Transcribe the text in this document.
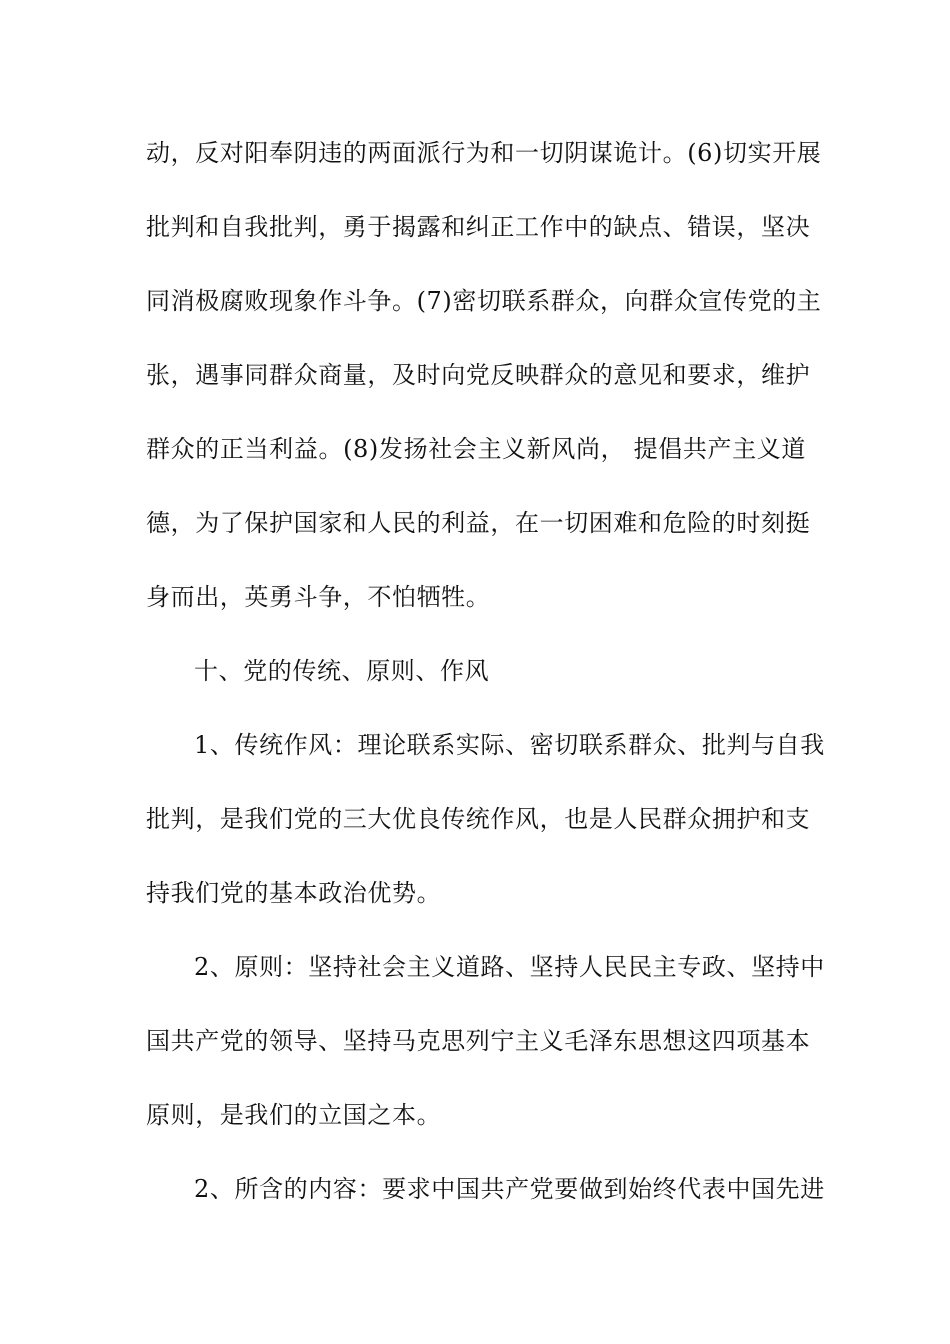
动，反对阳奉阴违的两面派行为和一切阴谋诡计。(6)切实开展
批判和自我批判，勇于揭露和纠正工作中的缺点、错误，坚决
同消极腐败现象作斗争。(7)密切联系群众，向群众宣传党的主
张，遇事同群众商量，及时向党反映群众的意见和要求，维护
群众的正当利益。(8)发扬社会主义新风尚， 提倡共产主义道
德，为了保护国家和人民的利益，在一切困难和危险的时刻挺
身而出，英勇斗争，不怕牺牲。
十、党的传统、原则、作风
1、传统作风：理论联系实际、密切联系群众、批判与自我
批判，是我们党的三大优良传统作风，也是人民群众拥护和支
持我们党的基本政治优势。
2、原则：坚持社会主义道路、坚持人民民主专政、坚持中
国共产党的领导、坚持马克思列宁主义毛泽东思想这四项基本
原则，是我们的立国之本。
2、所含的内容：要求中国共产党要做到始终代表中国先进
